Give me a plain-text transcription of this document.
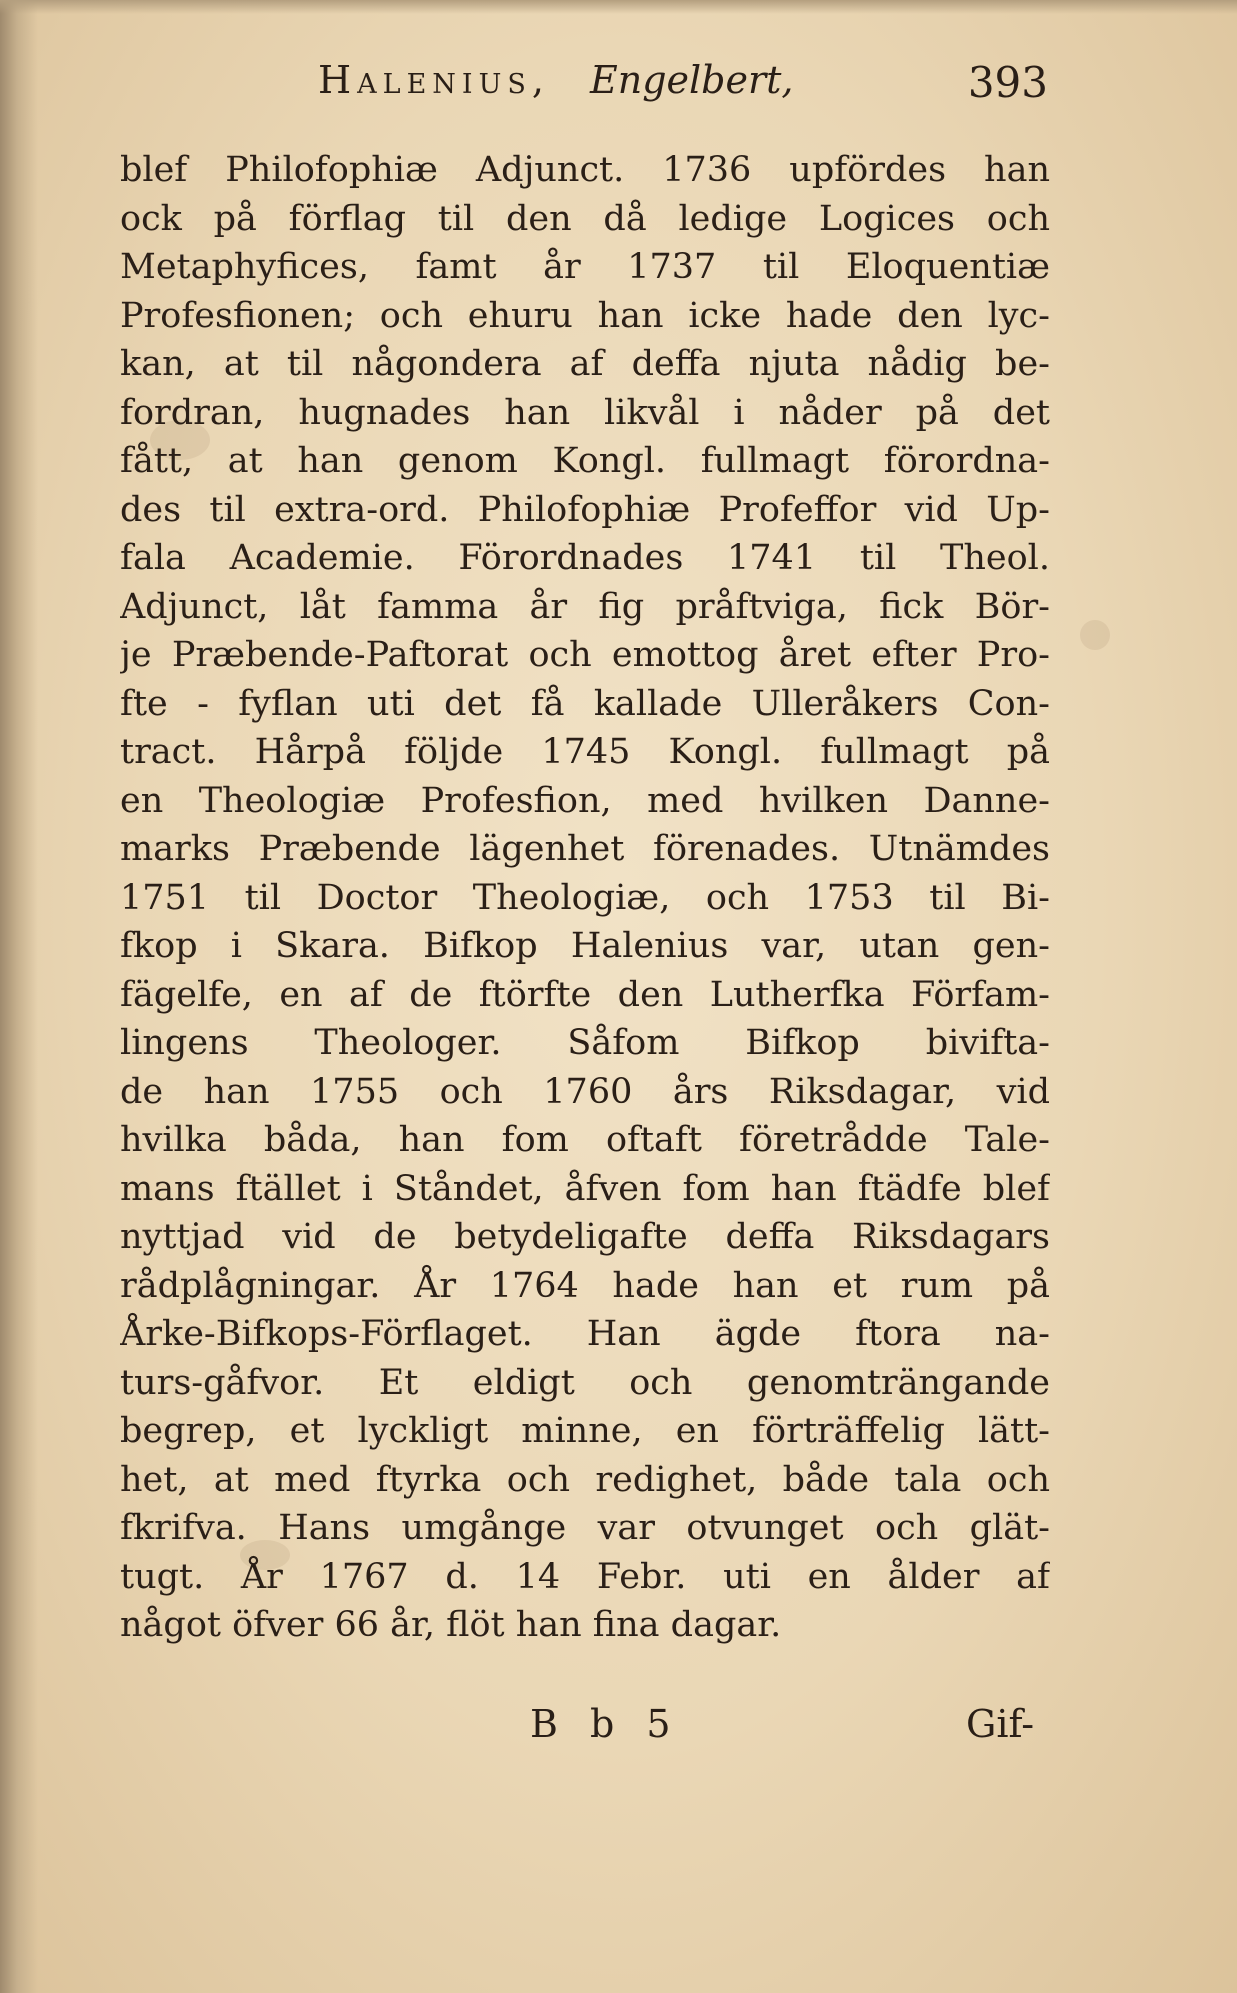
Halenius, Engelbert,	393
blef Philofophiæ Adjunct. 1736 upfördes han
ock på förflag til den då ledige Logices och
Metaphyfices, famt år 1737 til Eloquentiæ
Profesfionen; och ehuru han icke hade den lyc-
kan, at til någondera af deffa njuta nådig be-
fordran, hugnades han likvål i nåder på det
fått, at han genom Kongl. fullmagt förordna-
des til extra-ord. Philofophiæ Profeffor vid Up-
fala Academie. Förordnades 1741 til Theol.
Adjunct, låt famma år fig pråftviga, fick Bör-
je Præbende-Paftorat och emottog året efter Pro-
fte - fyflan uti det få kallade Ulleråkers Con-
tract. Hårpå följde 1745 Kongl. fullmagt på
en Theologiæ Profesfion, med hvilken Danne-
marks Præbende lägenhet förenades. Utnämdes
1751 til Doctor Theologiæ, och 1753 til Bi-
fkop i Skara. Bifkop Halenius var, utan gen-
fägelfe, en af de ftörfte den Lutherfka Förfam-
lingens Theologer. Såfom Bifkop bivifta-
de han 1755 och 1760 års Riksdagar, vid
hvilka båda, han fom oftaft företrådde Tale-
mans ftället i Ståndet, åfven fom han ftädfe blef
nyttjad vid de betydeligafte deffa Riksdagars
rådplågningar. År 1764 hade han et rum på
Årke-Bifkops-Förflaget. Han ägde ftora na-
turs-gåfvor. Et eldigt och genomträngande
begrep, et lyckligt minne, en förträffelig lätt-
het, at med ftyrka och redighet, både tala och
fkrifva. Hans umgånge var otvunget och glät-
tugt. År 1767 d. 14 Febr. uti en ålder af
något öfver 66 år, flöt han fina dagar.
B b 5	Gif-
